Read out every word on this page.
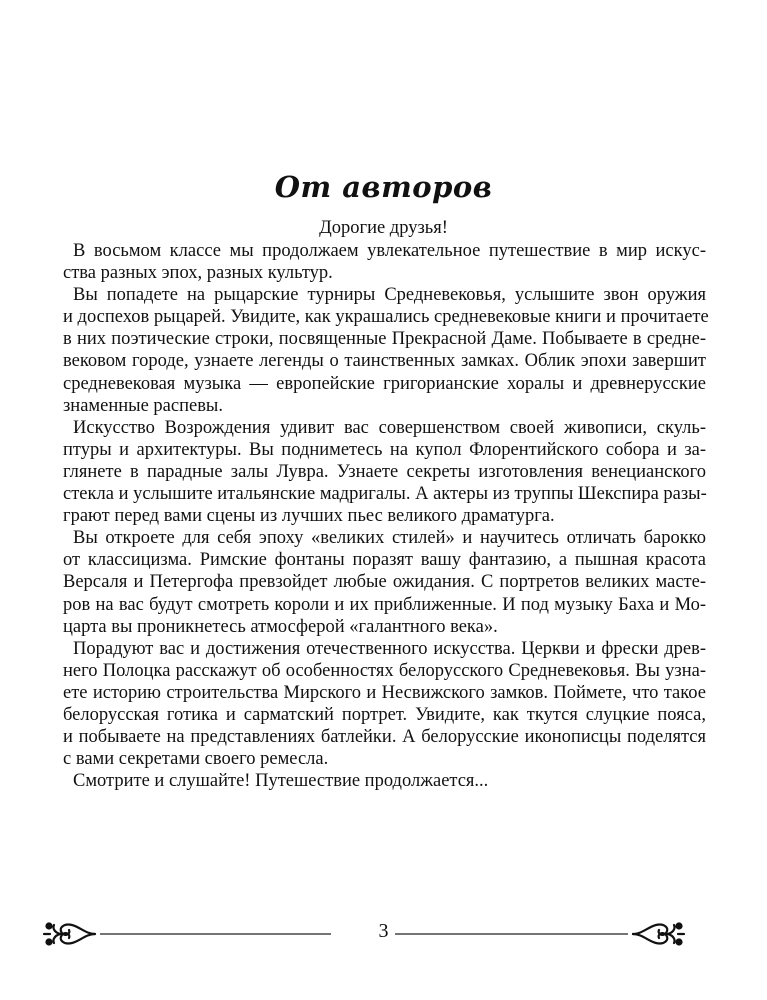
От авторов
Дорогие друзья!
В восьмом классе мы продолжаем увлекательное путешествие в мир искус-
ства разных эпох, разных культур.
Вы попадете на рыцарские турниры Средневековья, услышите звон оружия
и доспехов рыцарей. Увидите, как украшались средневековые книги и прочитаете
в них поэтические строки, посвященные Прекрасной Даме. Побываете в средне-
вековом городе, узнаете легенды о таинственных замках. Облик эпохи завершит
средневековая музыка — европейские григорианские хоралы и древнерусские
знаменные распевы.
Искусство Возрождения удивит вас совершенством своей живописи, скуль-
птуры и архитектуры. Вы подниметесь на купол Флорентийского собора и за-
глянете в парадные залы Лувра. Узнаете секреты изготовления венецианского
стекла и услышите итальянские мадригалы. А актеры из труппы Шекспира разы-
грают перед вами сцены из лучших пьес великого драматурга.
Вы откроете для себя эпоху «великих стилей» и научитесь отличать барокко
от классицизма. Римские фонтаны поразят вашу фантазию, а пышная красота
Версаля и Петергофа превзойдет любые ожидания. С портретов великих масте-
ров на вас будут смотреть короли и их приближенные. И под музыку Баха и Мо-
царта вы проникнетесь атмосферой «галантного века».
Порадуют вас и достижения отечественного искусства. Церкви и фрески древ-
него Полоцка расскажут об особенностях белорусского Средневековья. Вы узна-
ете историю строительства Мирского и Несвижского замков. Поймете, что такое
белорусская готика и сарматский портрет. Увидите, как ткутся слуцкие пояса,
и побываете на представлениях батлейки. А белорусские иконописцы поделятся
с вами секретами своего ремесла.
Смотрите и слушайте! Путешествие продолжается...
3
